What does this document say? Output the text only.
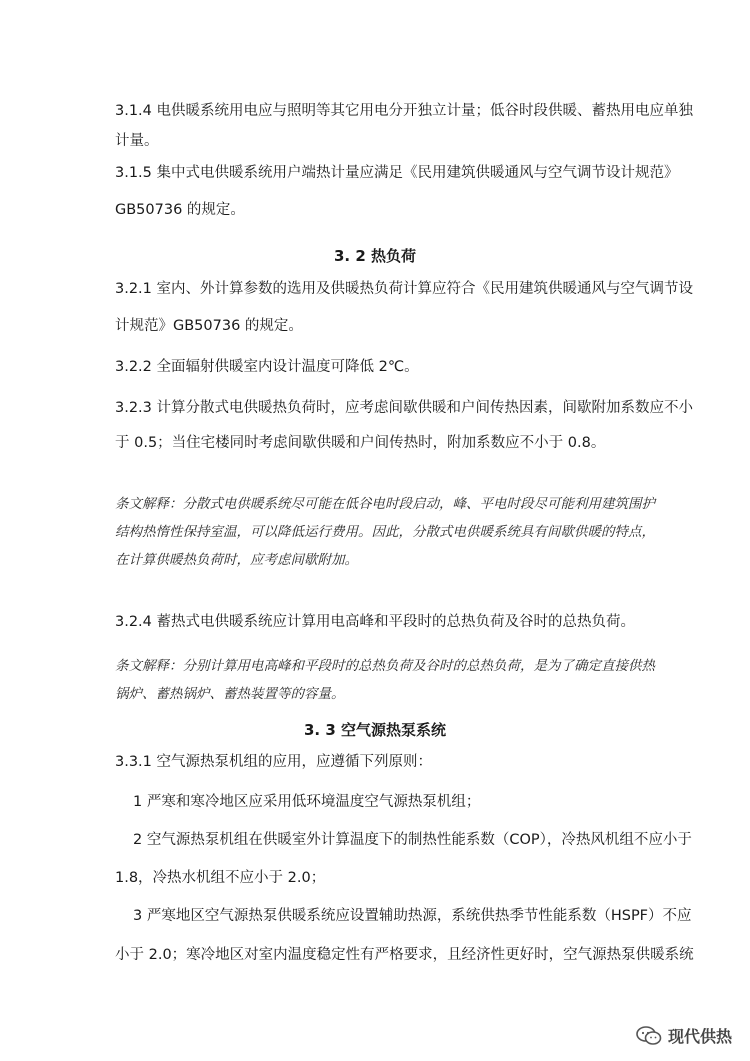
3.1.4 电供暖系统用电应与照明等其它用电分开独立计量；低谷时段供暖、蓄热用电应单独
计量。
3.1.5 集中式电供暖系统用户端热计量应满足《民用建筑供暖通风与空气调节设计规范》
GB50736 的规定。
3. 2 热负荷
3.2.1 室内、外计算参数的选用及供暖热负荷计算应符合《民用建筑供暖通风与空气调节设
计规范》GB50736 的规定。
3.2.2 全面辐射供暖室内设计温度可降低 2℃。
3.2.3 计算分散式电供暖热负荷时，应考虑间歇供暖和户间传热因素，间歇附加系数应不小
于 0.5；当住宅楼同时考虑间歇供暖和户间传热时，附加系数应不小于 0.8。
条文解释：分散式电供暖系统尽可能在低谷电时段启动，峰、平电时段尽可能利用建筑围护
结构热惰性保持室温，可以降低运行费用。因此，分散式电供暖系统具有间歇供暖的特点，
在计算供暖热负荷时，应考虑间歇附加。
3.2.4 蓄热式电供暖系统应计算用电高峰和平段时的总热负荷及谷时的总热负荷。
条文解释：分别计算用电高峰和平段时的总热负荷及谷时的总热负荷，是为了确定直接供热
锅炉、蓄热锅炉、蓄热装置等的容量。
3. 3 空气源热泵系统
3.3.1 空气源热泵机组的应用，应遵循下列原则：
1 严寒和寒冷地区应采用低环境温度空气源热泵机组；
2 空气源热泵机组在供暖室外计算温度下的制热性能系数（COP），冷热风机组不应小于
1.8，冷热水机组不应小于 2.0；
3 严寒地区空气源热泵供暖系统应设置辅助热源，系统供热季节性能系数（HSPF）不应
小于 2.0；寒冷地区对室内温度稳定性有严格要求，且经济性更好时，空气源热泵供暖系统
现代供热
